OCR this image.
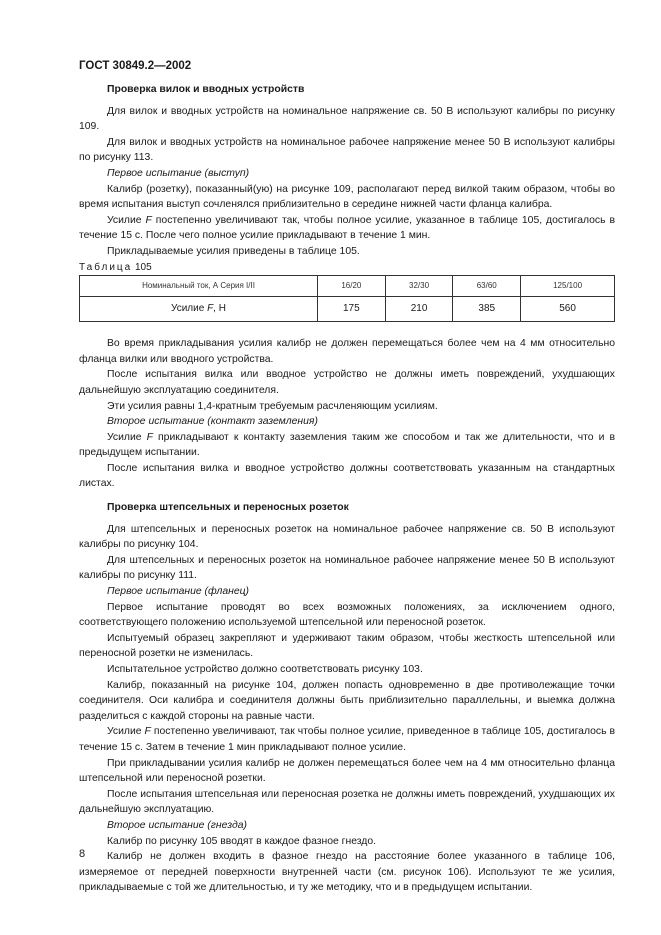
ГОСТ 30849.2—2002

Проверка вилок и вводных устройств

Для вилок и вводных устройств на номинальное напряжение св. 50 В используют калибры по рисунку 109.

Для вилок и вводных устройств на номинальное рабочее напряжение менее 50 В используют калибры по рисунку 113.

Первое испытание (выступ)

Калибр (розетку), показанный(ую) на рисунке 109, располагают перед вилкой таким образом, чтобы во время испытания выступ сочленялся приблизительно в середине нижней части фланца калибра.

Усилие F постепенно увеличивают так, чтобы полное усилие, указанное в таблице 105, достигалось в течение 15 с. После чего полное усилие прикладывают в течение 1 мин.

Прикладываемые усилия приведены в таблице 105.

Таблица 105

Номинальный ток, А Серия I/II	16/20	32/30	63/60	125/100
Усилие F, Н	175	210	385	560

Во время прикладывания усилия калибр не должен перемещаться более чем на 4 мм относительно фланца вилки или вводного устройства.

После испытания вилка или вводное устройство не должны иметь повреждений, ухудшающих дальнейшую эксплуатацию соединителя.

Эти усилия равны 1,4-кратным требуемым расчленяющим усилиям.

Второе испытание (контакт заземления)

Усилие F прикладывают к контакту заземления таким же способом и так же длительности, что и в предыдущем испытании.

После испытания вилка и вводное устройство должны соответствовать указанным на стандартных листах.

Проверка штепсельных и переносных розеток

Для штепсельных и переносных розеток на номинальное рабочее напряжение св. 50 В используют калибры по рисунку 104.

Для штепсельных и переносных розеток на номинальное рабочее напряжение менее 50 В используют калибры по рисунку 111.

Первое испытание (фланец)

Первое испытание проводят во всех возможных положениях, за исключением одного, соответствующего положению используемой штепсельной или переносной розеток.

Испытуемый образец закрепляют и удерживают таким образом, чтобы жесткость штепсельной или переносной розетки не изменилась.

Испытательное устройство должно соответствовать рисунку 103.

Калибр, показанный на рисунке 104, должен попасть одновременно в две противолежащие точки соединителя. Оси калибра и соединителя должны быть приблизительно параллельны, и выемка должна разделиться с каждой стороны на равные части.

Усилие F постепенно увеличивают, так чтобы полное усилие, приведенное в таблице 105, достигалось в течение 15 с. Затем в течение 1 мин прикладывают полное усилие.

При прикладывании усилия калибр не должен перемещаться более чем на 4 мм относительно фланца штепсельной или переносной розетки.

После испытания штепсельная или переносная розетка не должны иметь повреждений, ухудшающих их дальнейшую эксплуатацию.

Второе испытание (гнезда)

Калибр по рисунку 105 вводят в каждое фазное гнездо.

Калибр не должен входить в фазное гнездо на расстояние более указанного в таблице 106, измеряемое от передней поверхности внутренней части (см. рисунок 106). Используют те же усилия, прикладываемые с той же длительностью, и ту же методику, что и в предыдущем испытании.

8
